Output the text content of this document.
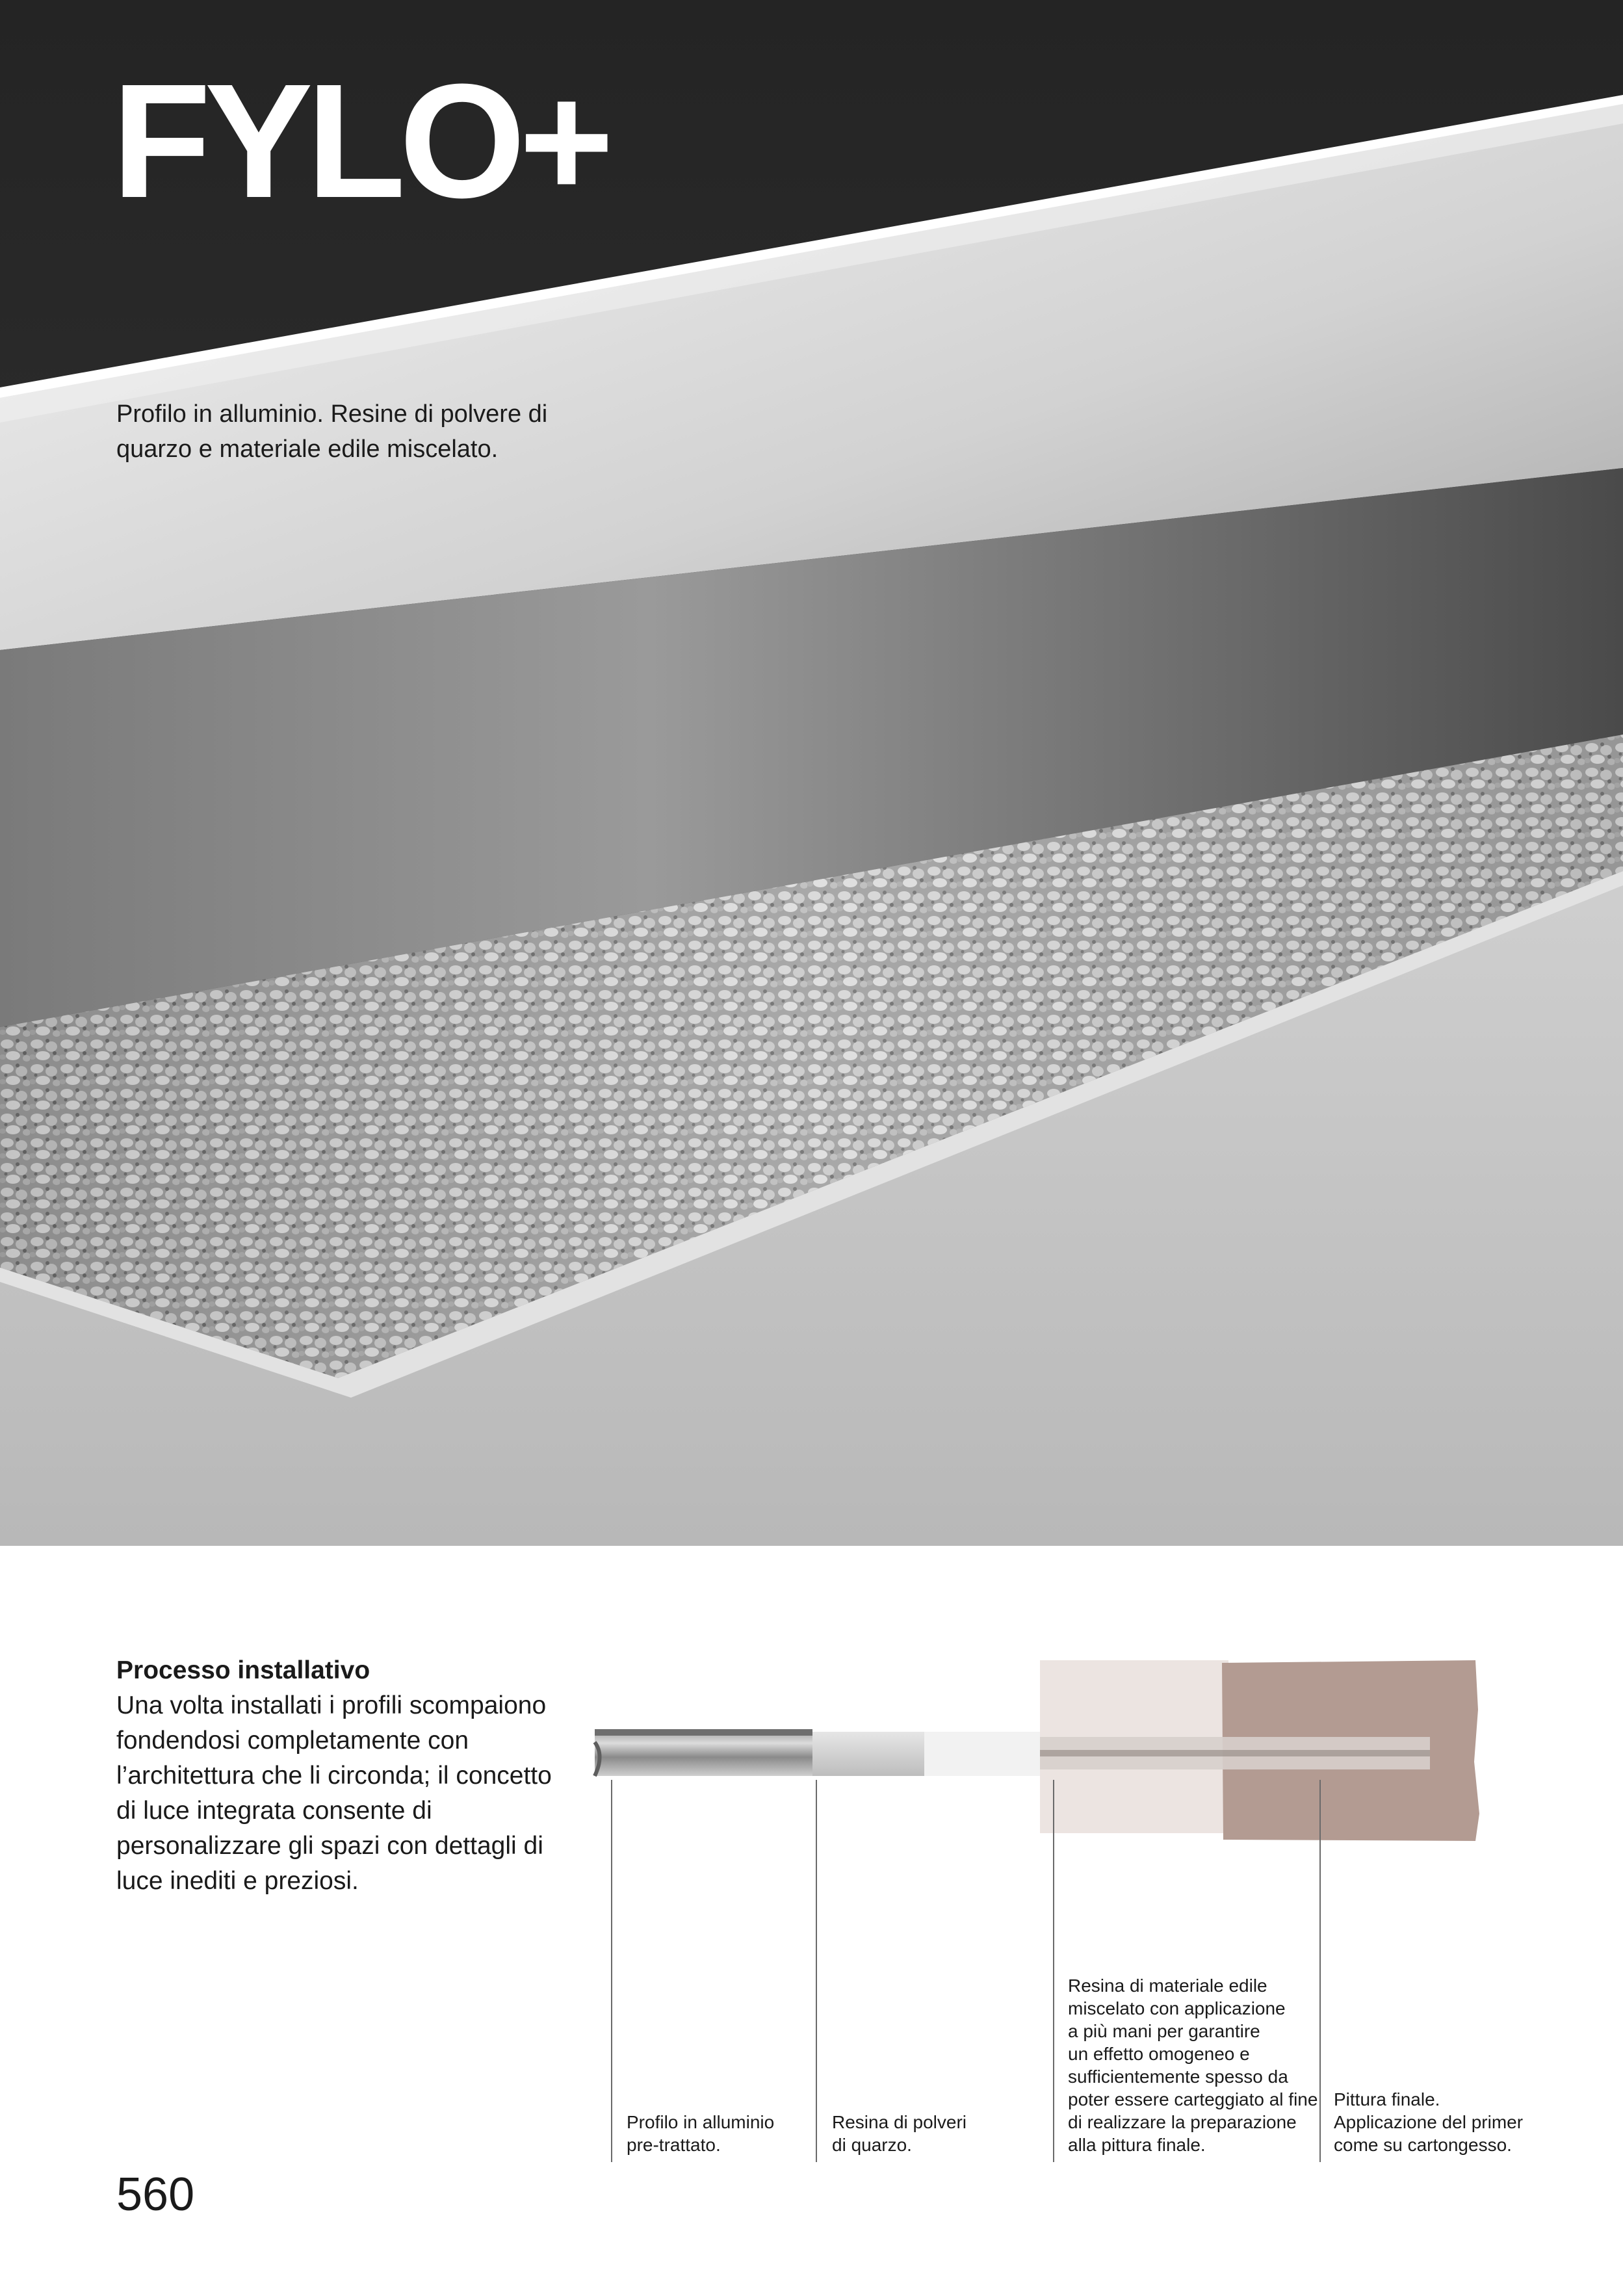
FYLO+

Profilo in alluminio. Resine di polvere di quarzo e materiale edile miscelato.

Processo installativo

Una volta installati i profili scompaiono fondendosi completamente con l’architettura che li circonda; il concetto di luce integrata consente di personalizzare gli spazi con dettagli di luce inediti e preziosi.

Profilo in alluminio
pre-trattato.

Resina di polveri
di quarzo.

Resina di materiale edile
miscelato con applicazione
a più mani per garantire
un effetto omogeneo e
sufficientemente spesso da
poter essere carteggiato al fine
di realizzare la preparazione
alla pittura finale.

Pittura finale.
Applicazione del primer
come su cartongesso.

560
